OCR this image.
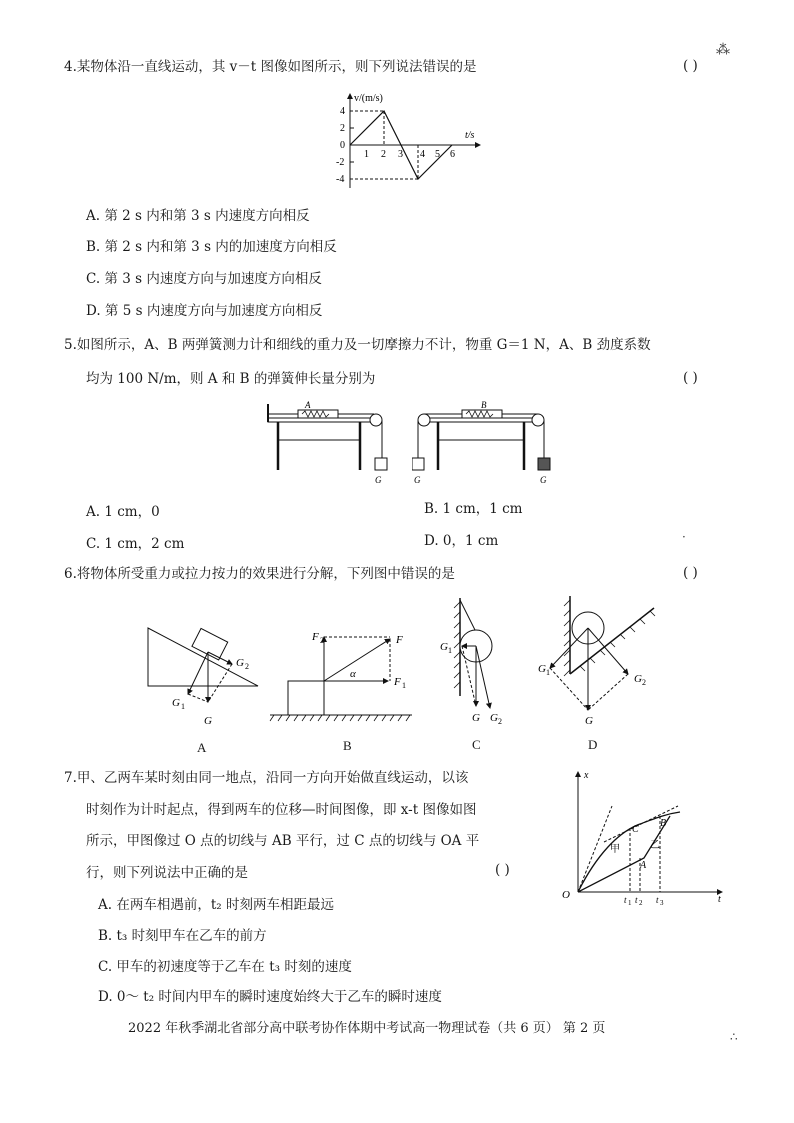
4.某物体沿一直线运动，其 v－t 图像如图所示，则下列说法错误的是	( )
v/(m/s)
t/s
4
2
0
-2
-4
1 2 3 4 5 6
A. 第 2 s 内和第 3 s 内速度方向相反
B. 第 2 s 内和第 3 s 内的加速度方向相反
C. 第 3 s 内速度方向与加速度方向相反
D. 第 5 s 内速度方向与加速度方向相反
5.如图所示，A、B 两弹簧测力计和细线的重力及一切摩擦力不计，物重 G＝1 N，A、B 劲度系数
均为 100 N/m，则 A 和 B 的弹簧伸长量分别为	( )
A
G
B
G	G
A. 1 cm，0	B. 1 cm，1 cm
C. 1 cm，2 cm	D. 0，1 cm
6.将物体所受重力或拉力按力的效果进行分解，下列图中错误的是	( )
G 2
G 1
G
F 2	F
F 1
α
G 1
G G 2
G 1
G 2
G
A	B	C	D
7.甲、乙两车某时刻由同一地点，沿同一方向开始做直线运动，以该
时刻作为计时起点，得到两车的位移—时间图像，即 x-t 图像如图
所示，甲图像过 O 点的切线与 AB 平行，过 C 点的切线与 OA 平
行，则下列说法中正确的是	( )
x
t
O
A
B
C
甲	乙
t 1 t 2 t 3
A. 在两车相遇前，t₂ 时刻两车相距最远
B. t₃ 时刻甲车在乙车的前方
C. 甲车的初速度等于乙车在 t₃ 时刻的速度
D. 0～ t₂ 时间内甲车的瞬时速度始终大于乙车的瞬时速度
2022 年秋季湖北省部分高中联考协作体期中考试高一物理试卷（共 6 页） 第 2 页
⁂
·
∴
